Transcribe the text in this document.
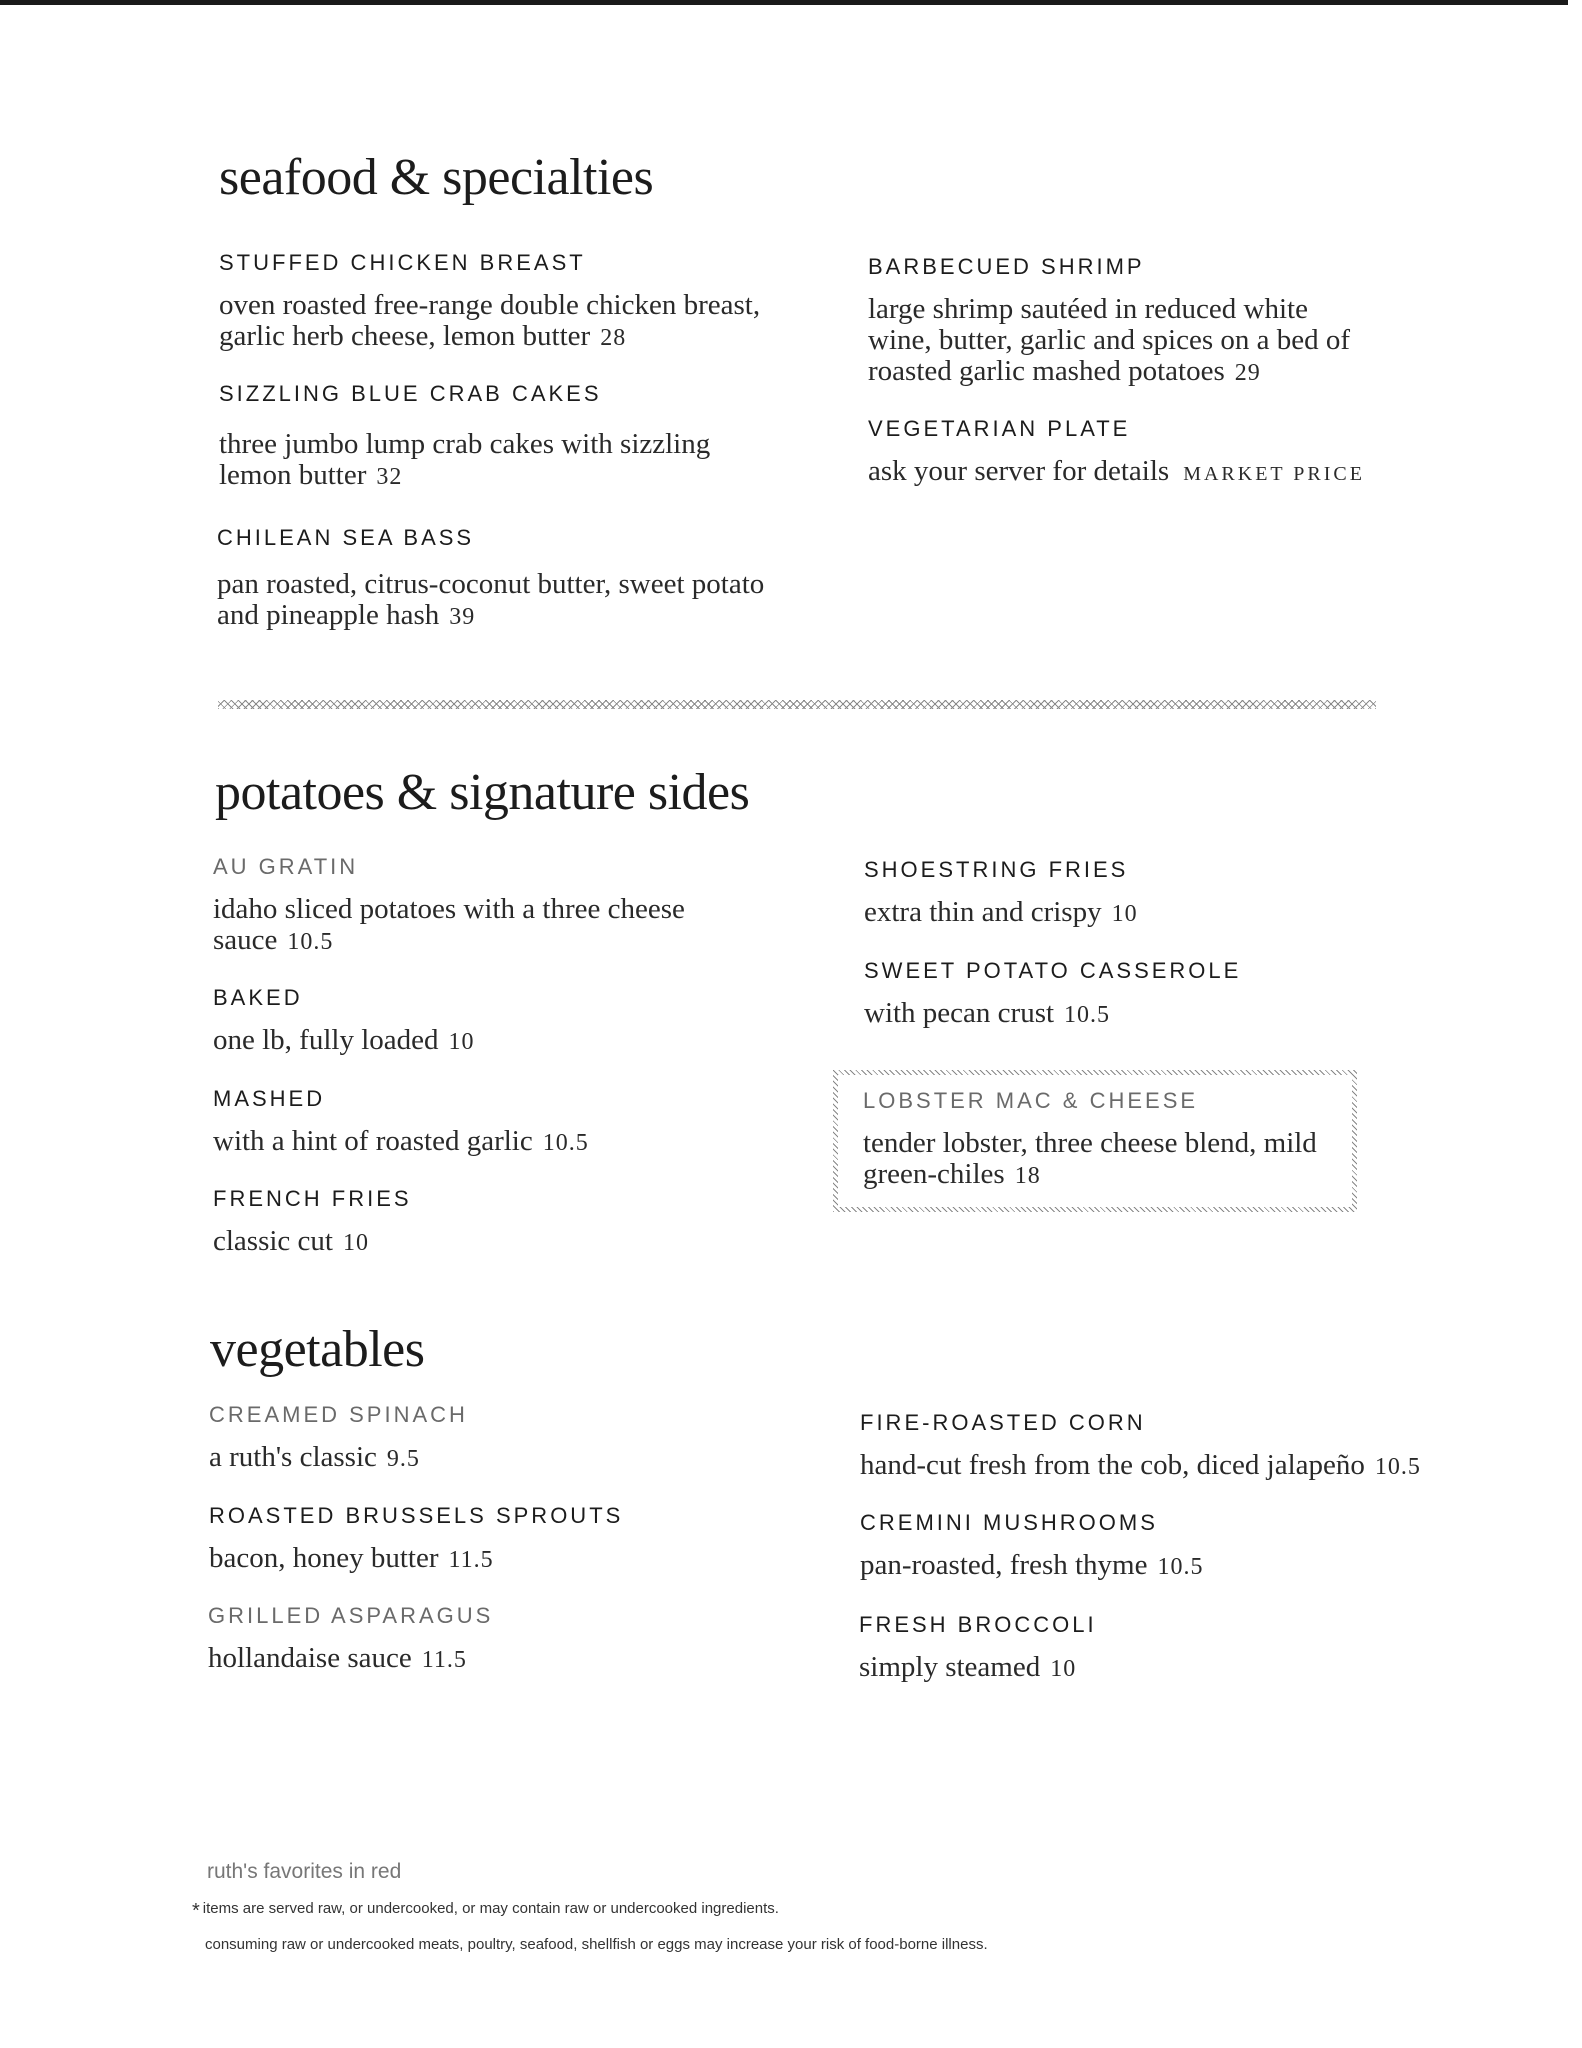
seafood & specialties
STUFFED CHICKEN BREAST
oven roasted free-range double chicken breast, garlic herb cheese, lemon butter 28
SIZZLING BLUE CRAB CAKES
three jumbo lump crab cakes with sizzling lemon butter 32
CHILEAN SEA BASS
pan roasted, citrus-coconut butter, sweet potato and pineapple hash 39
BARBECUED SHRIMP
large shrimp sautéed in reduced white wine, butter, garlic and spices on a bed of roasted garlic mashed potatoes 29
VEGETARIAN PLATE
ask your server for details MARKET PRICE
potatoes & signature sides
AU GRATIN
idaho sliced potatoes with a three cheese sauce 10.5
BAKED
one lb, fully loaded 10
MASHED
with a hint of roasted garlic 10.5
FRENCH FRIES
classic cut 10
SHOESTRING FRIES
extra thin and crispy 10
SWEET POTATO CASSEROLE
with pecan crust 10.5
LOBSTER MAC & CHEESE
tender lobster, three cheese blend, mild green-chiles 18
vegetables
CREAMED SPINACH
a ruth's classic 9.5
ROASTED BRUSSELS SPROUTS
bacon, honey butter 11.5
GRILLED ASPARAGUS
hollandaise sauce 11.5
FIRE-ROASTED CORN
hand-cut fresh from the cob, diced jalapeño 10.5
CREMINI MUSHROOMS
pan-roasted, fresh thyme 10.5
FRESH BROCCOLI
simply steamed 10
ruth's favorites in red
* items are served raw, or undercooked, or may contain raw or undercooked ingredients.
consuming raw or undercooked meats, poultry, seafood, shellfish or eggs may increase your risk of food-borne illness.
